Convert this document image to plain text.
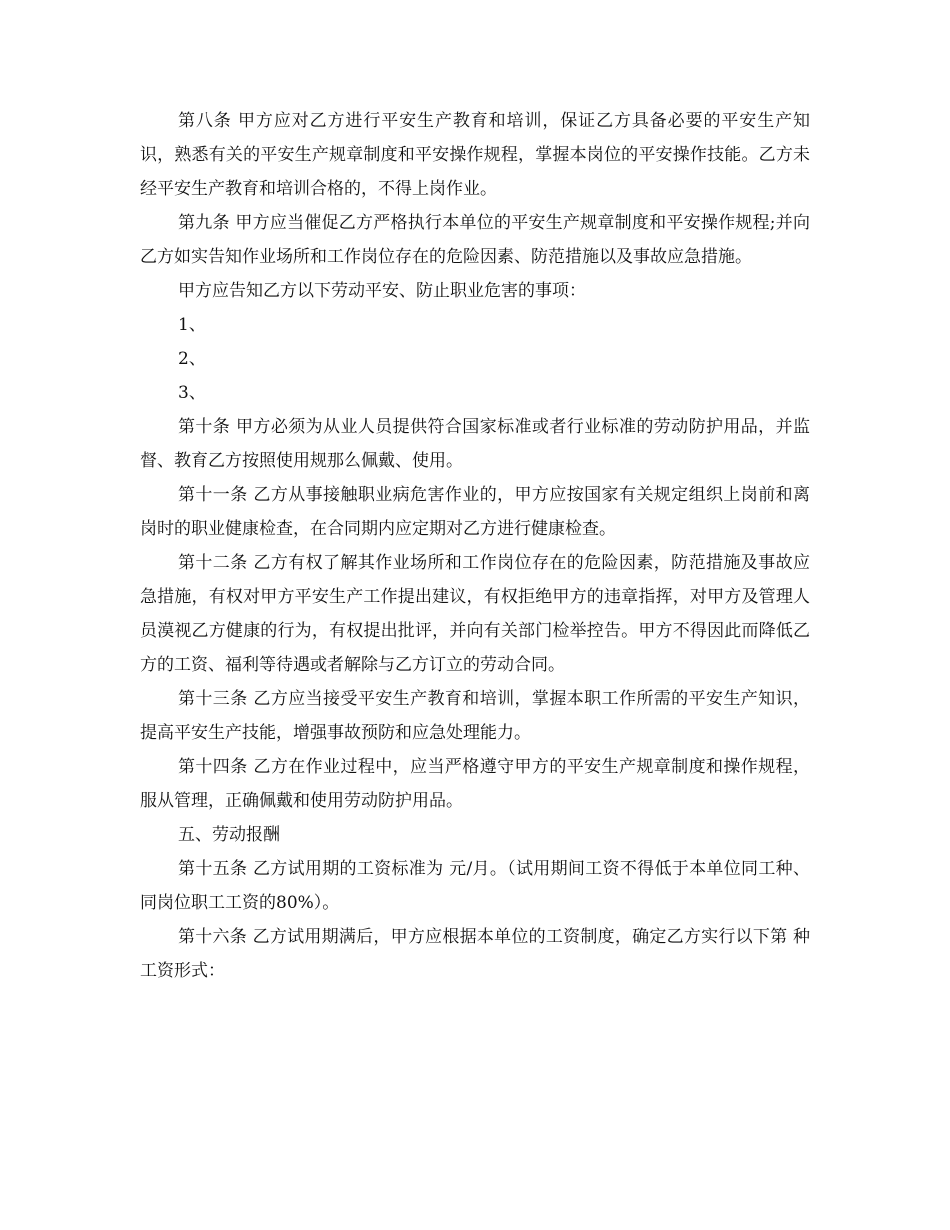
第八条 甲方应对乙方进行平安生产教育和培训，保证乙方具备必要的平安生产知识，熟悉有关的平安生产规章制度和平安操作规程，掌握本岗位的平安操作技能。乙方未经平安生产教育和培训合格的，不得上岗作业。

第九条 甲方应当催促乙方严格执行本单位的平安生产规章制度和平安操作规程;并向乙方如实告知作业场所和工作岗位存在的危险因素、防范措施以及事故应急措施。

甲方应告知乙方以下劳动平安、防止职业危害的事项：

1、

2、

3、

第十条 甲方必须为从业人员提供符合国家标准或者行业标准的劳动防护用品，并监督、教育乙方按照使用规那么佩戴、使用。

第十一条 乙方从事接触职业病危害作业的，甲方应按国家有关规定组织上岗前和离岗时的职业健康检查，在合同期内应定期对乙方进行健康检查。

第十二条 乙方有权了解其作业场所和工作岗位存在的危险因素，防范措施及事故应急措施，有权对甲方平安生产工作提出建议，有权拒绝甲方的违章指挥，对甲方及管理人员漠视乙方健康的行为，有权提出批评，并向有关部门检举控告。甲方不得因此而降低乙方的工资、福利等待遇或者解除与乙方订立的劳动合同。

第十三条 乙方应当接受平安生产教育和培训，掌握本职工作所需的平安生产知识，提高平安生产技能，增强事故预防和应急处理能力。

第十四条 乙方在作业过程中，应当严格遵守甲方的平安生产规章制度和操作规程，服从管理，正确佩戴和使用劳动防护用品。

五、劳动报酬

第十五条 乙方试用期的工资标准为 元/月。（试用期间工资不得低于本单位同工种、同岗位职工工资的80%）。

第十六条 乙方试用期满后，甲方应根据本单位的工资制度，确定乙方实行以下第 种工资形式：
